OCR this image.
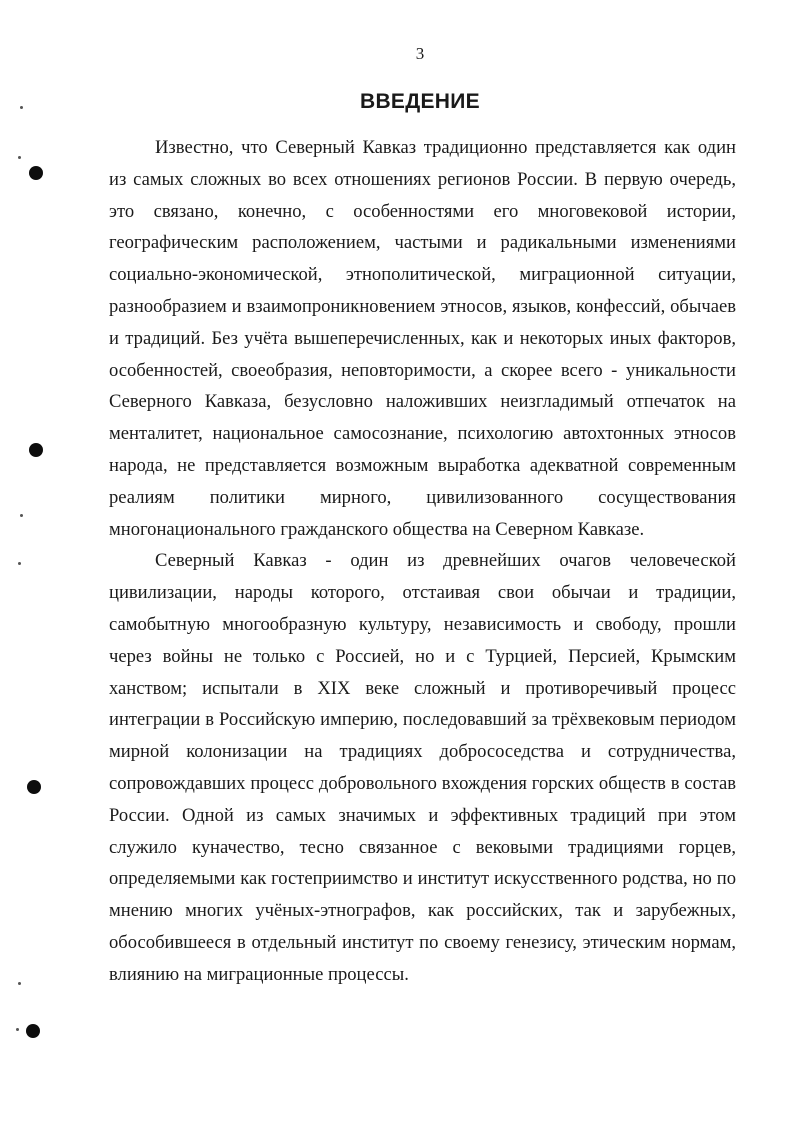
3
ВВЕДЕНИЕ

Известно, что Северный Кавказ традиционно представляется как один из самых сложных во всех отношениях регионов России. В первую очередь, это связано, конечно, с особенностями его многовековой истории, географическим расположением, частыми и радикальными изменениями социально-экономической, этнополитической, миграционной ситуации, разнообразием и взаимопроникновением этносов, языков, конфессий, обычаев и традиций. Без учёта вышеперечисленных, как и некоторых иных факторов, особенностей, своеобразия, неповторимости, а скорее всего - уникальности Северного Кавказа, безусловно наложивших неизгладимый отпечаток на менталитет, национальное самосознание, психологию автохтонных этносов народа, не представляется возможным выработка адекватной современным реалиям политики мирного, цивилизованного сосуществования многонационального гражданского общества на Северном Кавказе.

Северный Кавказ - один из древнейших очагов человеческой цивилизации, народы которого, отстаивая свои обычаи и традиции, самобытную многообразную культуру, независимость и свободу, прошли через войны не только с Россией, но и с Турцией, Персией, Крымским ханством; испытали в XIX веке сложный и противоречивый процесс интеграции в Российскую империю, последовавший за трёхвековым периодом мирной колонизации на традициях добрососедства и сотрудничества, сопровождавших процесс добровольного вхождения горских обществ в состав России. Одной из самых значимых и эффективных традиций при этом служило куначество, тесно связанное с вековыми традициями горцев, определяемыми как гостеприимство и институт искусственного родства, но по мнению многих учёных-этнографов, как российских, так и зарубежных, обособившееся в отдельный институт по своему генезису, этическим нормам, влиянию на миграционные процессы.
